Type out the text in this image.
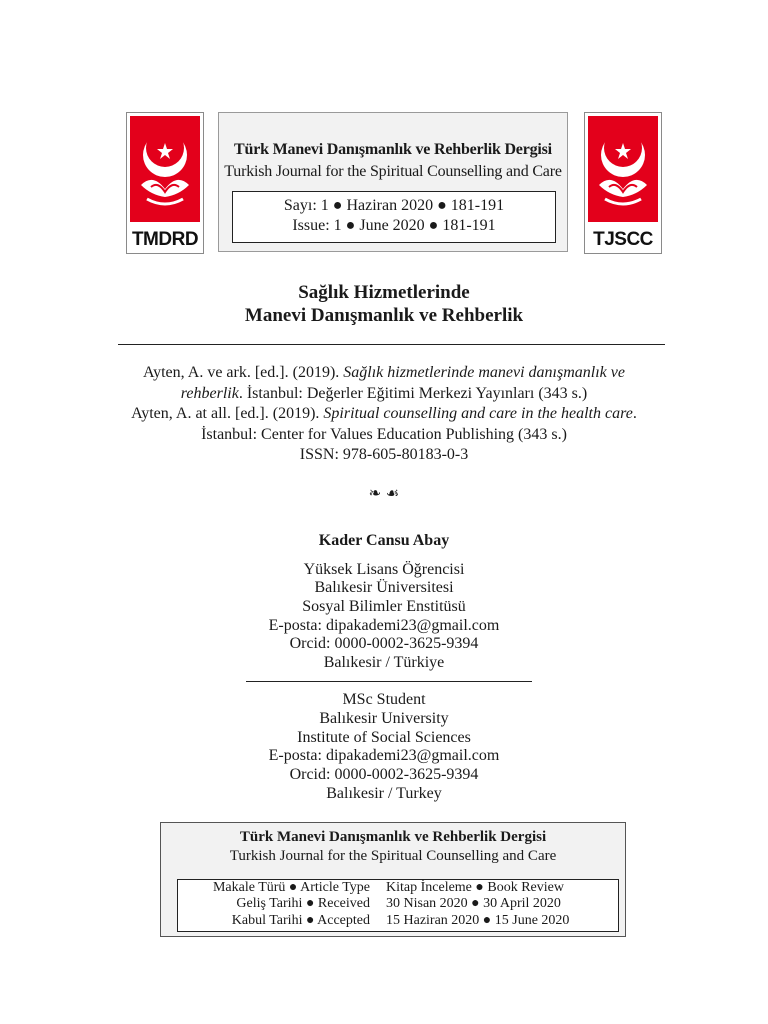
TMDRD
Türk Manevi Danışmanlık ve Rehberlik Dergisi
Turkish Journal for the Spiritual Counselling and Care
Sayı: 1 ● Haziran 2020 ● 181-191
Issue: 1 ● June 2020 ● 181-191
TJSCC
Sağlık Hizmetlerinde
Manevi Danışmanlık ve Rehberlik
Ayten, A. ve ark. [ed.]. (2019). Sağlık hizmetlerinde manevi danışmanlık ve
rehberlik. İstanbul: Değerler Eğitimi Merkezi Yayınları (343 s.)
Ayten, A. at all. [ed.]. (2019). Spiritual counselling and care in the health care.
İstanbul: Center for Values Education Publishing (343 s.)
ISSN: 978-605-80183-0-3
❧ ☙
Kader Cansu Abay
Yüksek Lisans Öğrencisi
Balıkesir Üniversitesi
Sosyal Bilimler Enstitüsü
E-posta: dipakademi23@gmail.com
Orcid: 0000-0002-3625-9394
Balıkesir / Türkiye
MSc Student
Balıkesir University
Institute of Social Sciences
E-posta: dipakademi23@gmail.com
Orcid: 0000-0002-3625-9394
Balıkesir / Turkey
Türk Manevi Danışmanlık ve Rehberlik Dergisi
Turkish Journal for the Spiritual Counselling and Care
Makale Türü ● Article Type Kitap İnceleme ● Book Review
Geliş Tarihi ● Received 30 Nisan 2020 ● 30 April 2020
Kabul Tarihi ● Accepted 15 Haziran 2020 ● 15 June 2020
